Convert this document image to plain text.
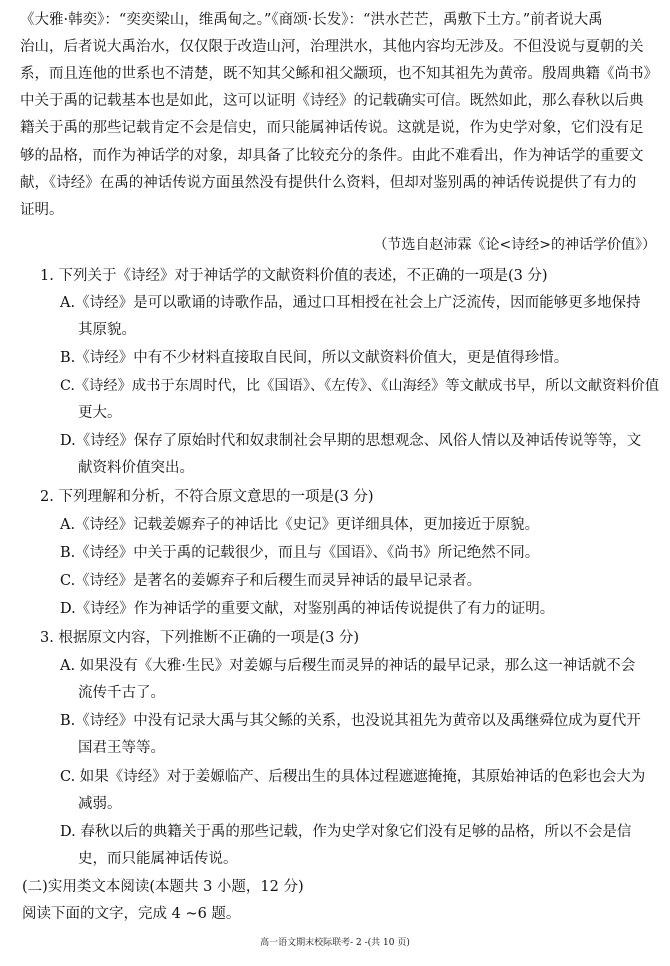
《大雅·韩奕》：“奕奕梁山，维禹甸之。”《商颂·长发》：“洪水芒芒，禹敷下土方。”前者说大禹
治山，后者说大禹治水，仅仅限于改造山河，治理洪水，其他内容均无涉及。不但没说与夏朝的关
系，而且连他的世系也不清楚，既不知其父鲧和祖父颛顼，也不知其祖先为黄帝。殷周典籍《尚书》
中关于禹的记载基本也是如此，这可以证明《诗经》的记载确实可信。既然如此，那么春秋以后典
籍关于禹的那些记载肯定不会是信史，而只能属神话传说。这就是说，作为史学对象，它们没有足
够的品格，而作为神话学的对象，却具备了比较充分的条件。由此不难看出，作为神话学的重要文
献，《诗经》在禹的神话传说方面虽然没有提供什么资料，但却对鉴别禹的神话传说提供了有力的
证明。
（节选自赵沛霖《论<诗经>的神话学价值》）
1. 下列关于《诗经》对于神话学的文献资料价值的表述，不正确的一项是(3 分)
A.《诗经》是可以歌诵的诗歌作品，通过口耳相授在社会上广泛流传，因而能够更多地保持
其原貌。
B.《诗经》中有不少材料直接取自民间，所以文献资料价值大，更是值得珍惜。
C.《诗经》成书于东周时代，比《国语》、《左传》、《山海经》等文献成书早，所以文献资料价值
更大。
D.《诗经》保存了原始时代和奴隶制社会早期的思想观念、风俗人情以及神话传说等等，文
献资料价值突出。
2. 下列理解和分析，不符合原文意思的一项是(3 分)
A.《诗经》记载姜嫄弃子的神话比《史记》更详细具体，更加接近于原貌。
B.《诗经》中关于禹的记载很少，而且与《国语》、《尚书》所记绝然不同。
C.《诗经》是著名的姜嫄弃子和后稷生而灵异神话的最早记录者。
D.《诗经》作为神话学的重要文献，对鉴别禹的神话传说提供了有力的证明。
3. 根据原文内容，下列推断不正确的一项是(3 分)
A. 如果没有《大雅·生民》对姜嫄与后稷生而灵异的神话的最早记录，那么这一神话就不会
流传千古了。
B.《诗经》中没有记录大禹与其父鲧的关系，也没说其祖先为黄帝以及禹继舜位成为夏代开
国君王等等。
C. 如果《诗经》对于姜嫄临产、后稷出生的具体过程遮遮掩掩，其原始神话的色彩也会大为
减弱。
D. 春秋以后的典籍关于禹的那些记载，作为史学对象它们没有足够的品格，所以不会是信
史，而只能属神话传说。
(二)实用类文本阅读(本题共 3 小题，12 分)
阅读下面的文字，完成 4 ~6 题。
高一语文期末校际联考- 2 -(共 10 页)
